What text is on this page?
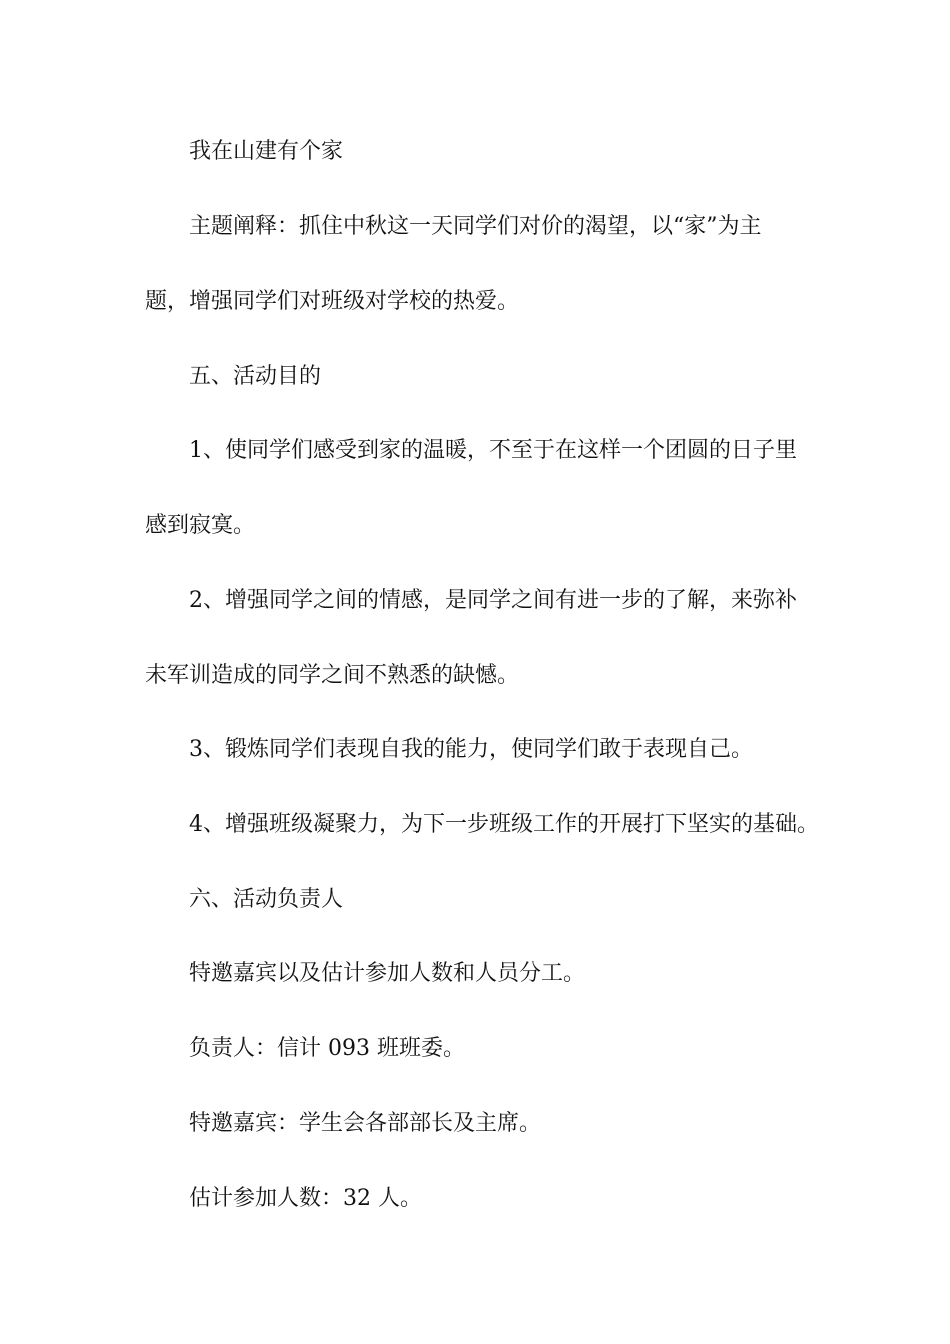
我在山建有个家
主题阐释：抓住中秋这一天同学们对价的渴望，以“家”为主
题，增强同学们对班级对学校的热爱。
五、活动目的
1、使同学们感受到家的温暖，不至于在这样一个团圆的日子里
感到寂寞。
2、增强同学之间的情感，是同学之间有进一步的了解，来弥补
未军训造成的同学之间不熟悉的缺憾。
3、锻炼同学们表现自我的能力，使同学们敢于表现自己。
4、增强班级凝聚力，为下一步班级工作的开展打下坚实的基础。
六、活动负责人
特邀嘉宾以及估计参加人数和人员分工。
负责人：信计 093 班班委。
特邀嘉宾：学生会各部部长及主席。
估计参加人数：32 人。
